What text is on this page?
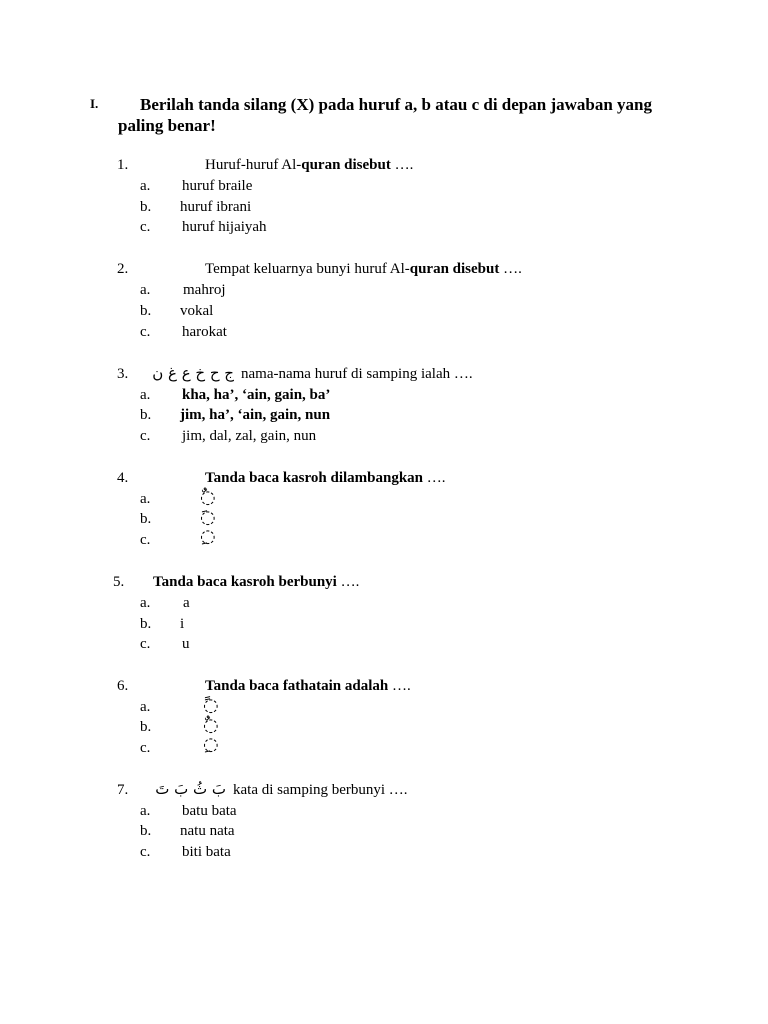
I.	Berilah tanda silang (X) pada huruf a, b atau c di depan jawaban yang paling benar!
1.	Huruf-huruf Al-quran disebut ….
a. huruf braile
b. huruf ibrani
c. huruf hijaiyah
2.	Tempat keluarnya bunyi huruf Al-quran disebut ….
a. mahroj
b. vokal
c. harokat
3. ج ح خ ع غ ن nama-nama huruf di samping ialah ….
a. kha, ha’, ‘ain, gain, ba’
b. jim, ha’, ‘ain, gain, nun
c. jim, dal, zal, gain, nun
4.	Tanda baca kasroh dilambangkan ….
a.	◌ٌ
b.	◌َ
c.	◌ِ
5. Tanda baca kasroh berbunyi ….
a. a
b. i
c. u
6.	Tanda baca fathatain adalah ….
a.	◌ً
b.	◌ٌ
c.	◌ِ
7. بَ ثُ بَ تَ kata di samping berbunyi ….
a. batu bata
b. natu nata
c. biti bata
